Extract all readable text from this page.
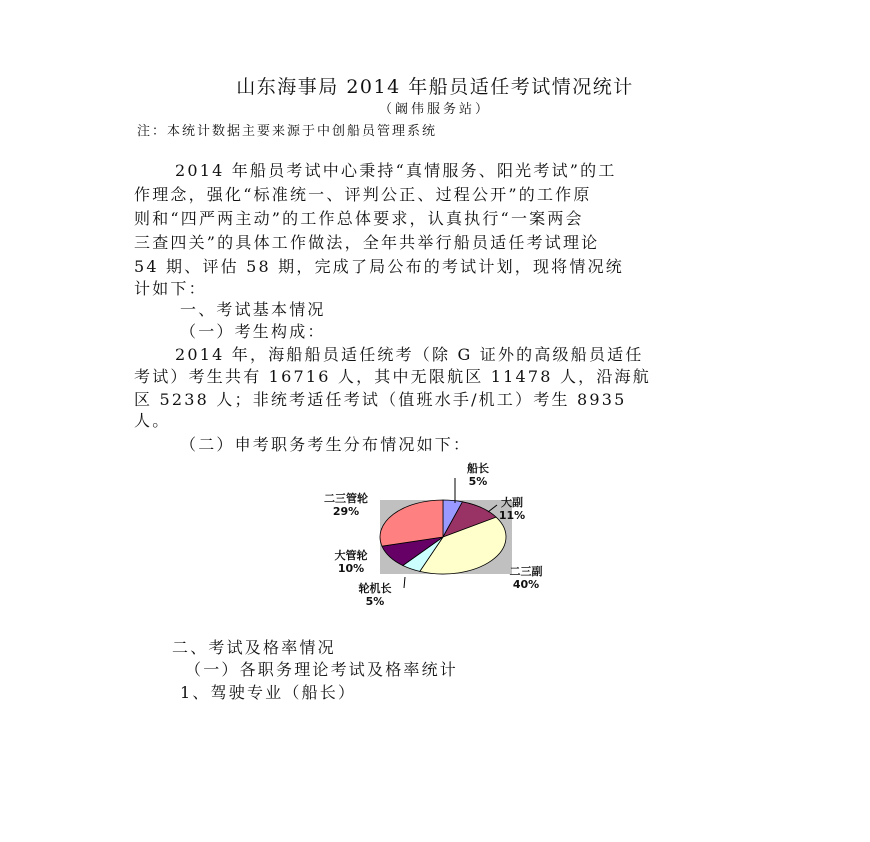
山东海事局 2014 年船员适任考试情况统计
（阚伟服务站）
注：本统计数据主要来源于中创船员管理系统
2014 年船员考试中心秉持“真情服务、阳光考试”的工
作理念，强化“标准统一、评判公正、过程公开”的工作原
则和“四严两主动”的工作总体要求，认真执行“一案两会
三查四关”的具体工作做法，全年共举行船员适任考试理论
54 期、评估 58 期，完成了局公布的考试计划，现将情况统
计如下：
一、考试基本情况
（一）考生构成：
2014 年，海船船员适任统考（除 G 证外的高级船员适任
考试）考生共有 16716 人，其中无限航区 11478 人，沿海航
区 5238 人；非统考适任考试（值班水手/机工）考生 8935
人。
（二）申考职务考生分布情况如下：
船长
5%
大副
11%
二三副
40%
轮机长
5%
大管轮
10%
二三管轮
29%
二、考试及格率情况
（一）各职务理论考试及格率统计
1、驾驶专业（船长）
